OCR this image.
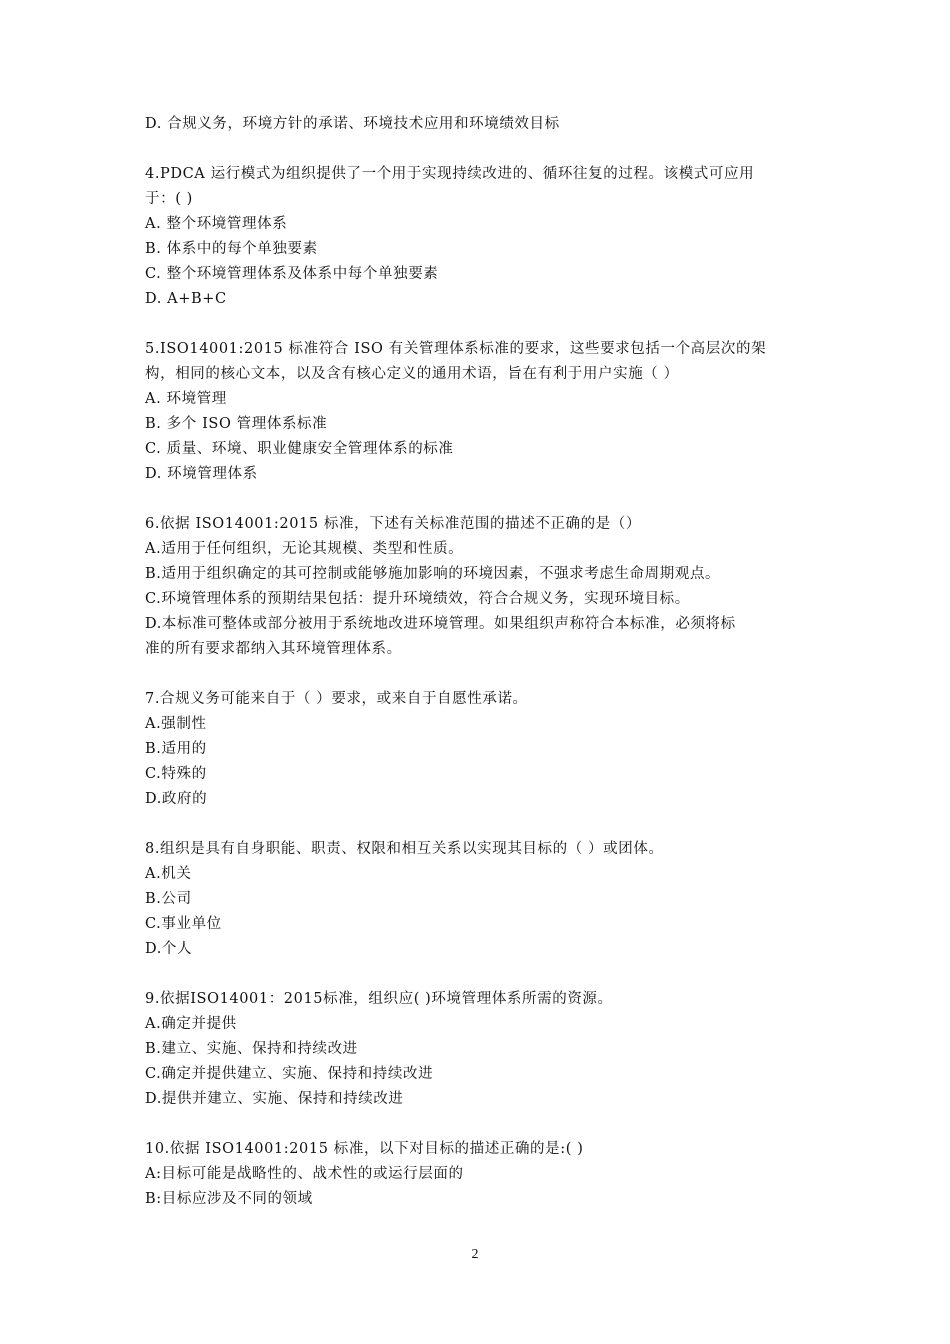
D. 合规义务，环境方针的承诺、环境技术应用和环境绩效目标
4.PDCA 运行模式为组织提供了一个用于实现持续改进的、循环往复的过程。该模式可应用
于：( )
A. 整个环境管理体系
B. 体系中的每个单独要素
C. 整个环境管理体系及体系中每个单独要素
D. A+B+C
5.ISO14001:2015 标准符合 ISO 有关管理体系标准的要求，这些要求包括一个高层次的架
构，相同的核心文本，以及含有核心定义的通用术语，旨在有利于用户实施（ ）
A. 环境管理
B. 多个 ISO 管理体系标准
C. 质量、环境、职业健康安全管理体系的标准
D. 环境管理体系
6.依据 ISO14001:2015 标准，下述有关标准范围的描述不正确的是（）
A.适用于任何组织，无论其规模、类型和性质。
B.适用于组织确定的其可控制或能够施加影响的环境因素，不强求考虑生命周期观点。
C.环境管理体系的预期结果包括：提升环境绩效，符合合规义务，实现环境目标。
D.本标准可整体或部分被用于系统地改进环境管理。如果组织声称符合本标准，必须将标
准的所有要求都纳入其环境管理体系。
7.合规义务可能来自于（ ）要求，或来自于自愿性承诺。
A.强制性
B.适用的
C.特殊的
D.政府的
8.组织是具有自身职能、职责、权限和相互关系以实现其目标的（ ）或团体。
A.机关
B.公司
C.事业单位
D.个人
9.依据ISO14001：2015标准，组织应( )环境管理体系所需的资源。
A.确定并提供
B.建立、实施、保持和持续改进
C.确定并提供建立、实施、保持和持续改进
D.提供并建立、实施、保持和持续改进
10.依据 ISO14001:2015 标准，以下对目标的描述正确的是:( )
A:目标可能是战略性的、战术性的或运行层面的
B:目标应涉及不同的领域
2
